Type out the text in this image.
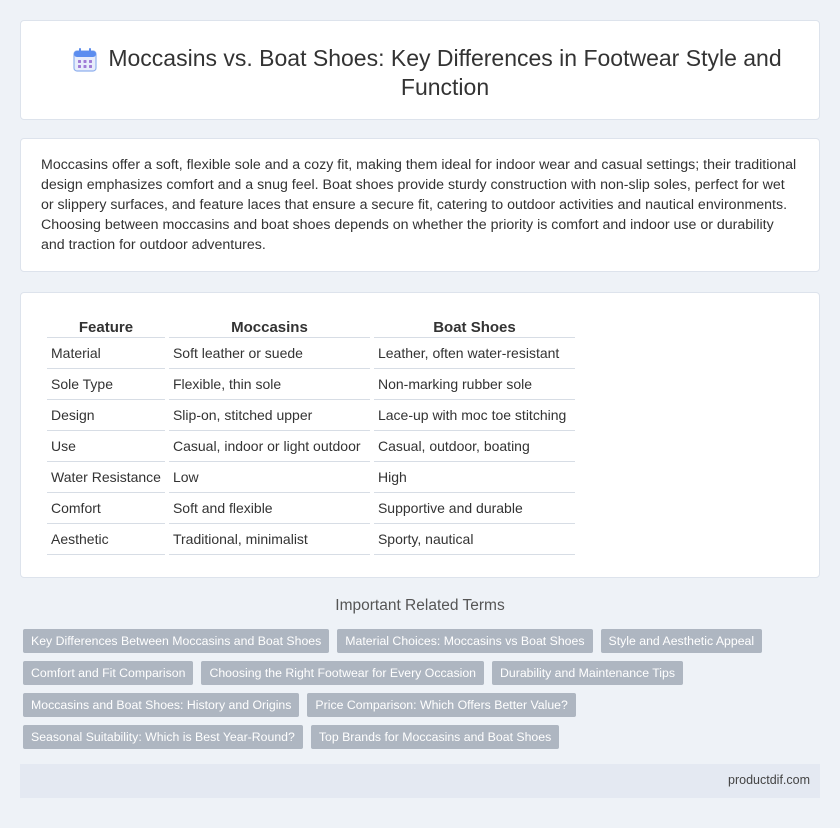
Moccasins vs. Boat Shoes: Key Differences in Footwear Style and Function

Moccasins offer a soft, flexible sole and a cozy fit, making them ideal for indoor wear and casual settings; their traditional design emphasizes comfort and a snug feel. Boat shoes provide sturdy construction with non-slip soles, perfect for wet or slippery surfaces, and feature laces that ensure a secure fit, catering to outdoor activities and nautical environments. Choosing between moccasins and boat shoes depends on whether the priority is comfort and indoor use or durability and traction for outdoor adventures.

Feature	Moccasins	Boat Shoes
Material	Soft leather or suede	Leather, often water-resistant
Sole Type	Flexible, thin sole	Non-marking rubber sole
Design	Slip-on, stitched upper	Lace-up with moc toe stitching
Use	Casual, indoor or light outdoor	Casual, outdoor, boating
Water Resistance	Low	High
Comfort	Soft and flexible	Supportive and durable
Aesthetic	Traditional, minimalist	Sporty, nautical
Important Related Terms
Key Differences Between Moccasins and Boat Shoes	Material Choices: Moccasins vs Boat Shoes	Style and Aesthetic Appeal
Comfort and Fit Comparison	Choosing the Right Footwear for Every Occasion	Durability and Maintenance Tips
Moccasins and Boat Shoes: History and Origins	Price Comparison: Which Offers Better Value?
Seasonal Suitability: Which is Best Year-Round?	Top Brands for Moccasins and Boat Shoes
productdif.com
